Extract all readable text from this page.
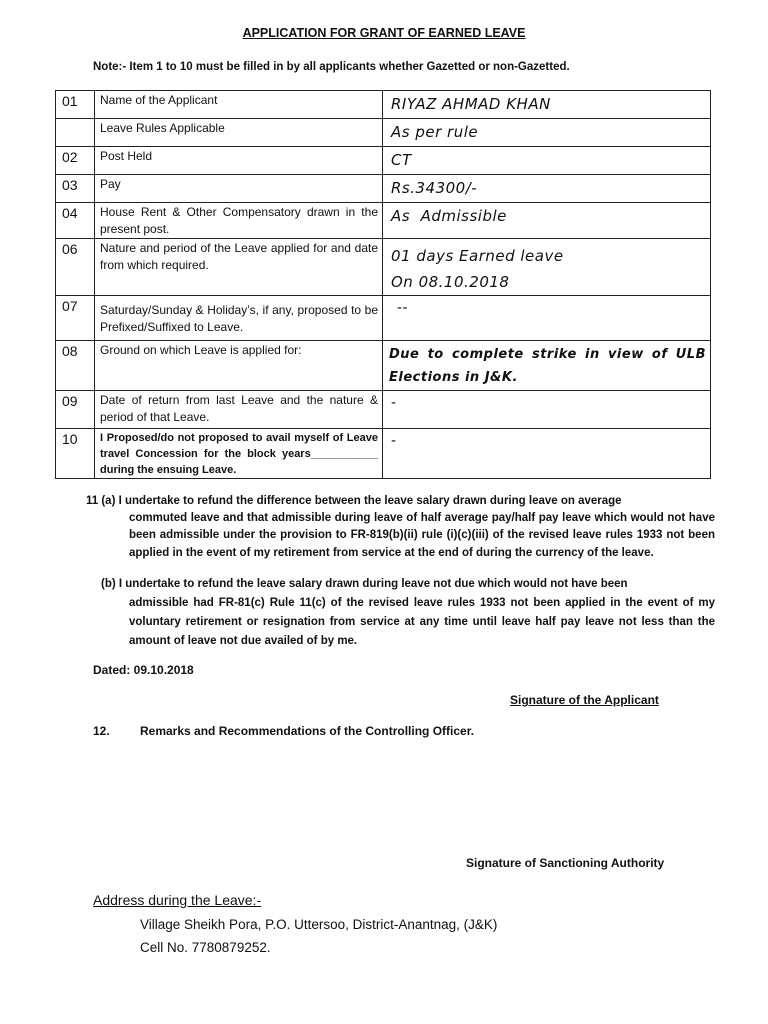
APPLICATION FOR GRANT OF EARNED LEAVE
Note:- Item 1 to 10 must be filled in by all applicants whether Gazetted or non-Gazetted.
01	Name of the Applicant	RIYAZ AHMAD KHAN
	Leave Rules Applicable	As per rule
02	Post Held	CT
03	Pay	Rs.34300/-
04	House Rent & Other Compensatory drawn in the present post.	As  Admissible
06	Nature and period of the Leave applied for and date from which required.	01 days Earned leave
On 08.10.2018

07	Saturday/Sunday & Holiday’s, if any, proposed to be Prefixed/Suffixed to Leave.	--
08	Ground on which Leave is applied for:	Due to complete strike in view of ULB Elections in J&K.
09	Date of return from last Leave and the nature & period of that Leave.	-
10	I Proposed/do not proposed to avail myself of Leave travel Concession for the block years___________ during the ensuing Leave.	-
11 (a) I undertake to refund the difference between the leave salary drawn during leave on average
commuted leave and that admissible during leave of half average pay/half pay leave which would not have been admissible under the provision to FR-819(b)(ii) rule (i)(c)(iii) of the revised leave rules 1933 not been applied in the event of my retirement from service at the end of during the currency of the leave.
(b) I undertake to refund the leave salary drawn during leave not due which would not have been
admissible had FR-81(c) Rule 11(c) of the revised leave rules 1933 not been applied in the event of my voluntary retirement or resignation from service at any time until leave half pay leave not less than the amount of leave not due availed of by me.
Dated: 09.10.2018
Signature of the Applicant
12.	Remarks and Recommendations of the Controlling Officer.
Signature of Sanctioning Authority
Address during the Leave:-
Village Sheikh Pora, P.O. Uttersoo, District-Anantnag, (J&K)
Cell No. 7780879252.
